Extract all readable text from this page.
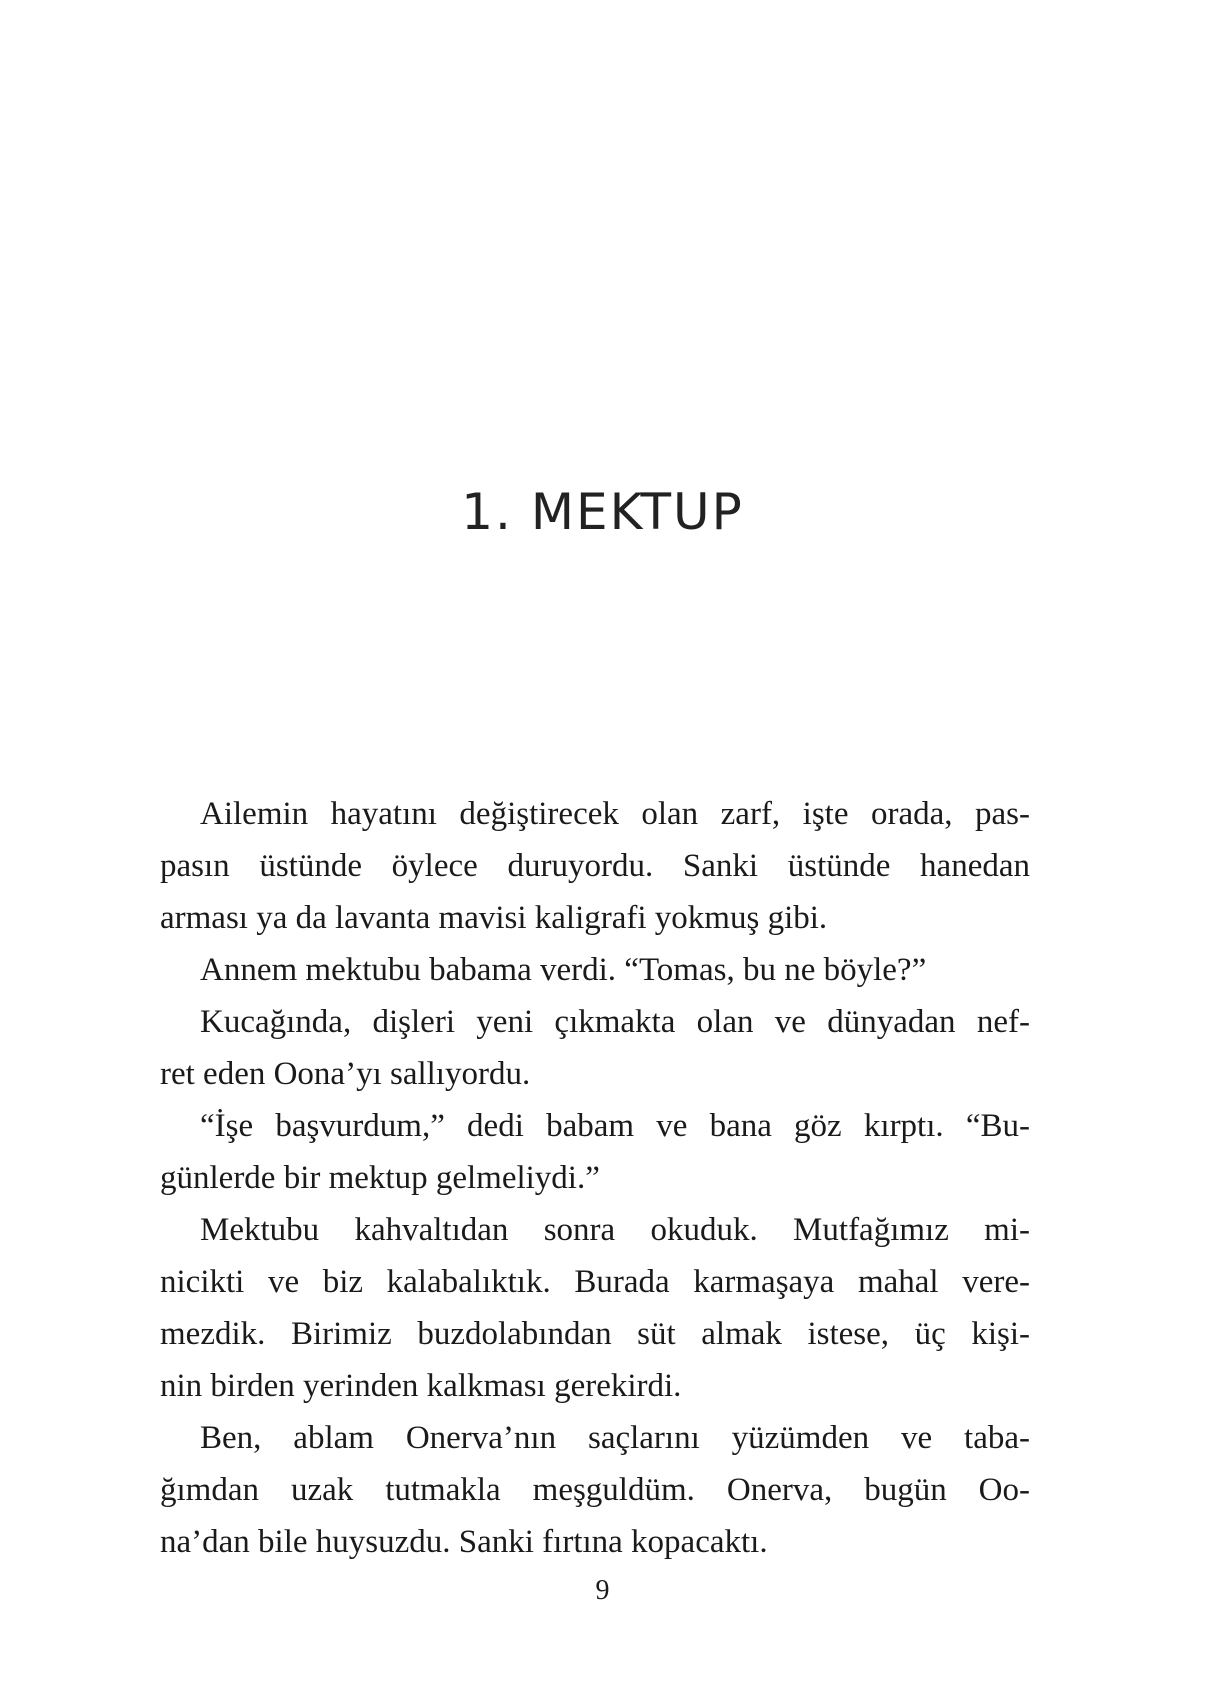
1. MEKTUP
Ailemin hayatını değiştirecek olan zarf, işte orada, pas-
pasın üstünde öylece duruyordu. Sanki üstünde hanedan
arması ya da lavanta mavisi kaligrafi yokmuş gibi.
Annem mektubu babama verdi. “Tomas, bu ne böyle?”
Kucağında, dişleri yeni çıkmakta olan ve dünyadan nef-
ret eden Oona’yı sallıyordu.
“İşe başvurdum,” dedi babam ve bana göz kırptı. “Bu-
günlerde bir mektup gelmeliydi.”
Mektubu kahvaltıdan sonra okuduk. Mutfağımız mi-
nicikti ve biz kalabalıktık. Burada karmaşaya mahal vere-
mezdik. Birimiz buzdolabından süt almak istese, üç kişi-
nin birden yerinden kalkması gerekirdi.
Ben, ablam Onerva’nın saçlarını yüzümden ve taba-
ğımdan uzak tutmakla meşguldüm. Onerva, bugün Oo-
na’dan bile huysuzdu. Sanki fırtına kopacaktı.
9
